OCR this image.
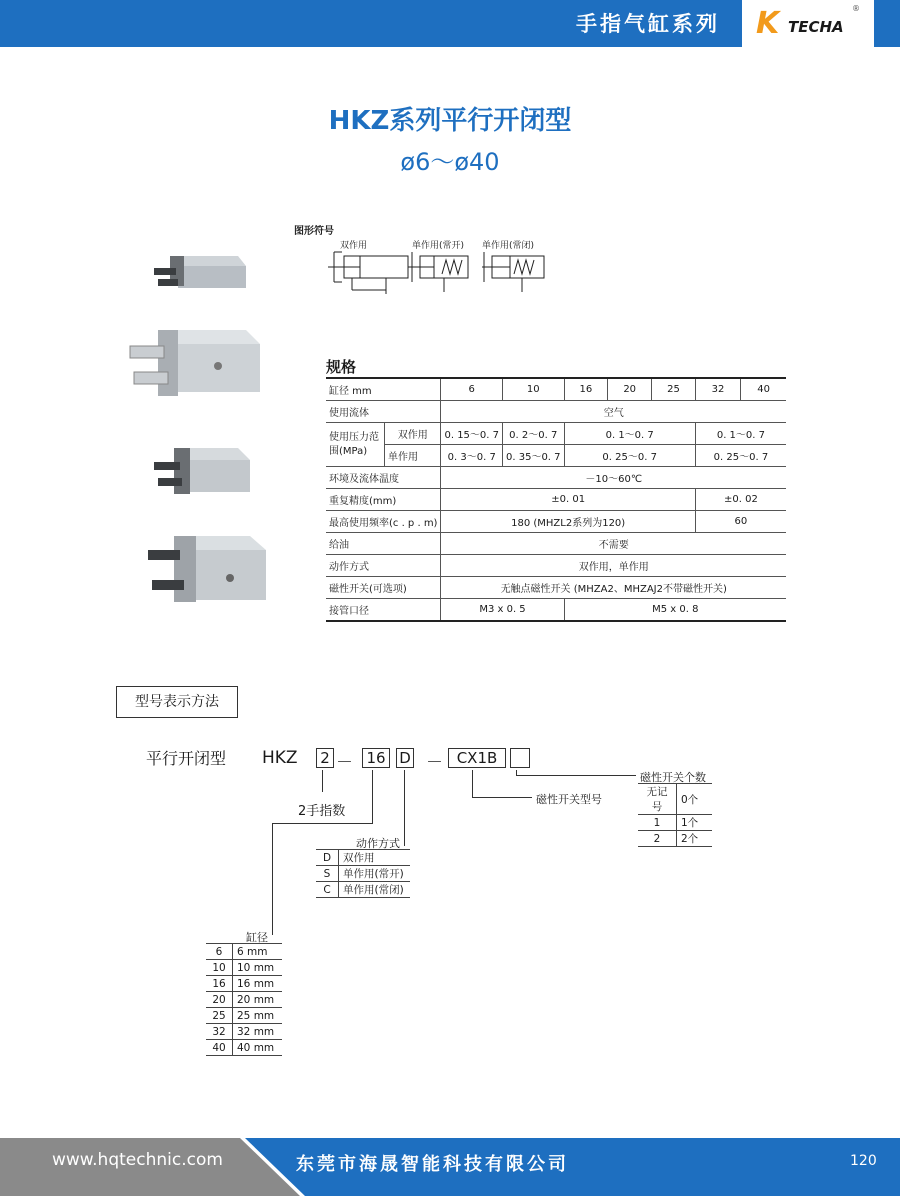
手指气缸系列 K TECHA
®
HKZ系列平行开闭型
ø6～ø40
图形符号
双作用	单作用(常开) 单作用(常闭)
规格
缸径 mm		6	10	16	20	25	32	40
使用流体		空气						
使用压力范围(MPa)	双作用	0. 15～0. 7	0. 2～0. 7	0. 1～0. 7			0. 1～0. 7	
	单作用	0. 3～0. 7	0. 35～0. 7	0. 25～0. 7			0. 25～0. 7	
环境及流体温度		－10～60℃						
重复精度(mm)		±0. 01					±0. 02	
最高使用频率(c . p . m)		180 (MHZL2系列为120)					60	
给油		不需要						
动作方式		双作用，单作用						
磁性开关(可选项)		无触点磁性开关 (MHZA2、MHZAJ2不带磁性开关)						
接管口径		M3 x 0. 5		M5 x 0. 8				
型号表示方法
平行开闭型 HKZ 2 － 16 D － CX1B
2手指数
动作方式
D	双作用
S	单作用(常开)
C	单作用(常闭)
缸径
6	6 mm
10	10 mm
16	16 mm
20	20 mm
25	25 mm
32	32 mm
40	40 mm
磁性开关型号
磁性开关个数
无记号	0个
1	1个
2	2个
www.hqtechnic.com	东莞市海晟智能科技有限公司	120
